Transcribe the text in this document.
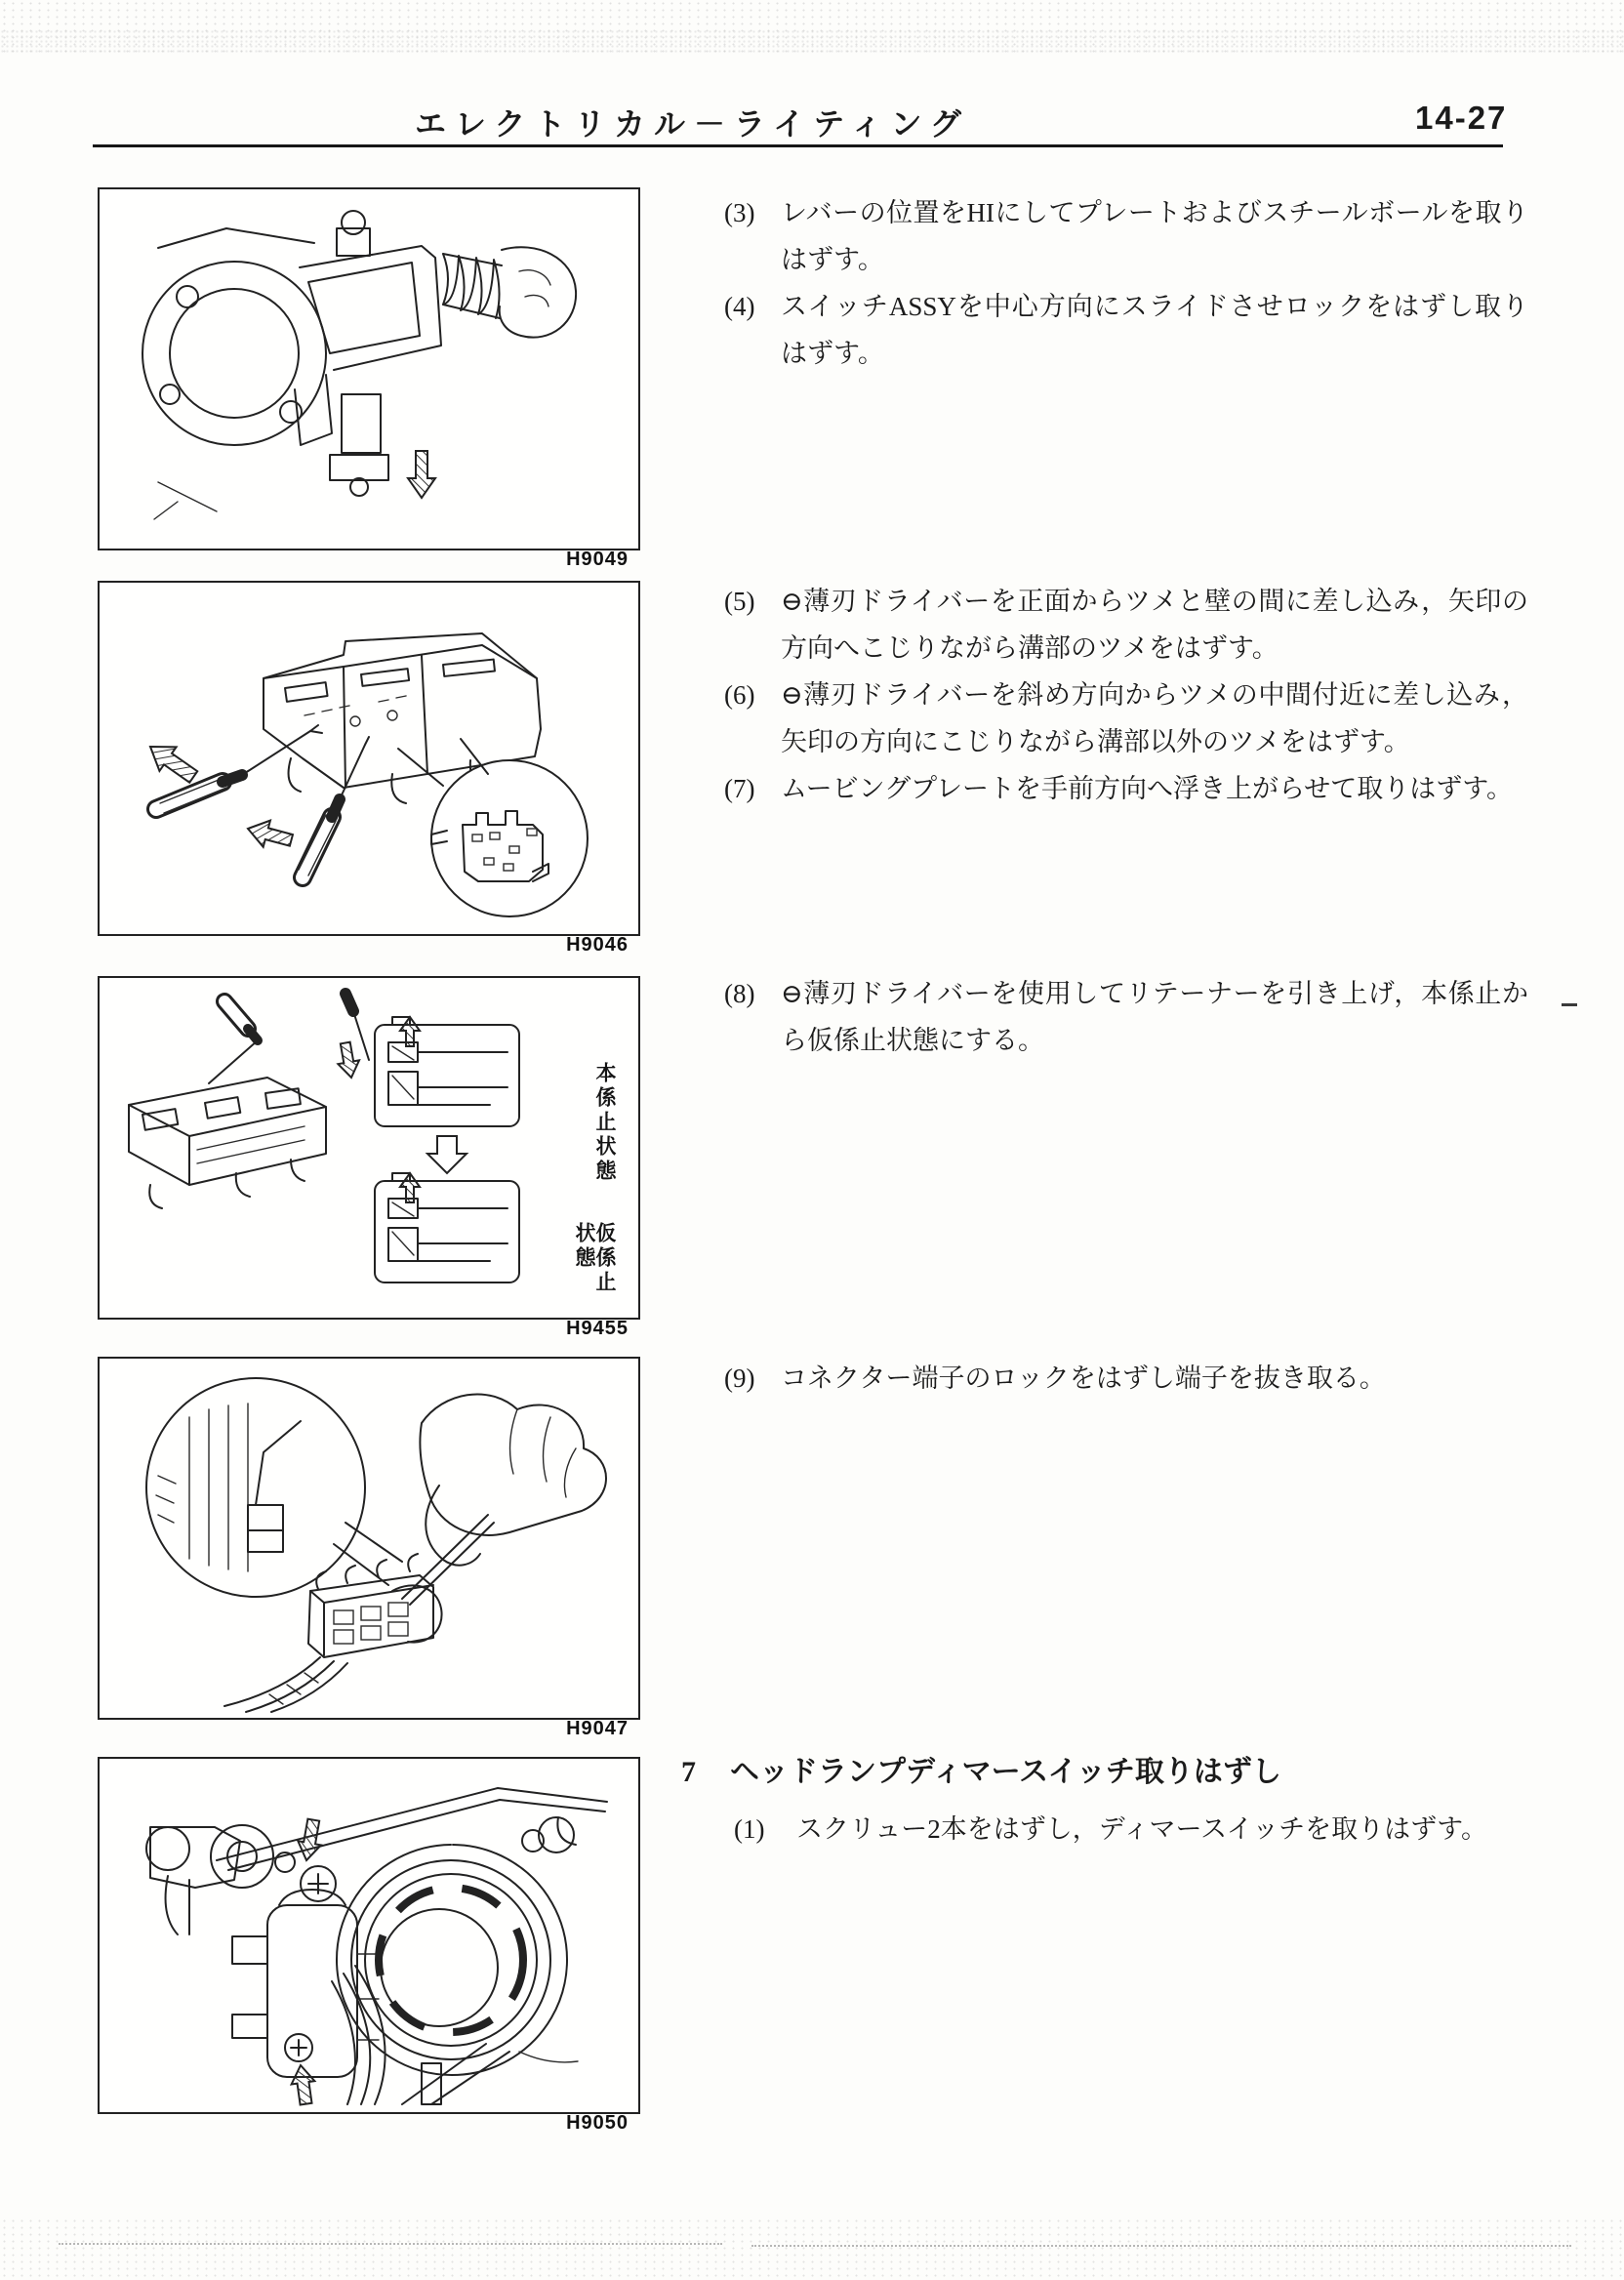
エレクトリカル－ライティング	14-27
H9049
H9046
本係止状態
仮係止状態
H9455
H9047
H9050
(3) レバーの位置をHIにしてプレートおよびスチールボールを取りはずす。
(4) スイッチASSYを中心方向にスライドさせロックをはずし取りはずす。
(5) ⊖薄刃ドライバーを正面からツメと壁の間に差し込み，矢印の方向へこじりながら溝部のツメをはずす。
(6) ⊖薄刃ドライバーを斜め方向からツメの中間付近に差し込み，矢印の方向にこじりながら溝部以外のツメをはずす。
(7) ムービングプレートを手前方向へ浮き上がらせて取りはずす。
(8) ⊖薄刃ドライバーを使用してリテーナーを引き上げ，本係止から仮係止状態にする。
(9) コネクター端子のロックをはずし端子を抜き取る。
7	ヘッドランプディマースイッチ取りはずし
(1)	スクリュー2本をはずし，ディマースイッチを取りはずす。
